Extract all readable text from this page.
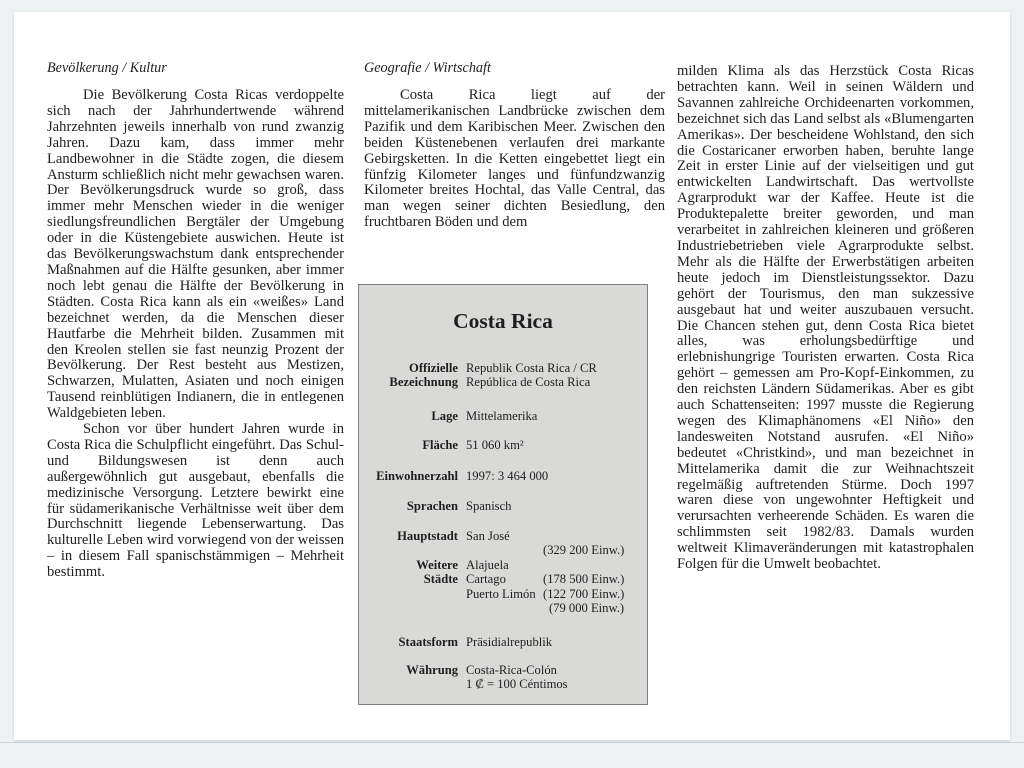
Bevölkerung / Kultur

Die Bevölkerung Costa Ricas verdoppelte sich nach der Jahrhundertwende während Jahrzehnten jeweils innerhalb von rund zwanzig Jahren. Dazu kam, dass immer mehr Landbewohner in die Städte zogen, die diesem Ansturm schließlich nicht mehr gewachsen waren. Der Bevölkerungsdruck wurde so groß, dass immer mehr Menschen wieder in die weniger siedlungsfreundlichen Bergtäler der Umgebung oder in die Küstengebiete auswichen. Heute ist das Bevölkerungswachstum dank entsprechender Maßnahmen auf die Hälfte gesunken, aber immer noch lebt genau die Hälfte der Bevölkerung in Städten. Costa Rica kann als ein «weißes» Land bezeichnet werden, da die Menschen dieser Hautfarbe die Mehrheit bilden. Zusammen mit den Kreolen stellen sie fast neunzig Prozent der Bevölkerung. Der Rest besteht aus Mestizen, Schwarzen, Mulatten, Asiaten und noch einigen Tausend reinblütigen Indianern, die in entlegenen Waldgebieten leben.

Schon vor über hundert Jahren wurde in Costa Rica die Schulpflicht eingeführt. Das Schul- und Bildungswesen ist denn auch außergewöhnlich gut ausgebaut, ebenfalls die medizinische Versorgung. Letztere bewirkt eine für südamerikanische Verhältnisse weit über dem Durchschnitt liegende Lebenserwartung. Das kulturelle Leben wird vorwiegend von der weissen – in diesem Fall spanischstämmigen – Mehrheit bestimmt.

Geografie / Wirtschaft

Costa Rica liegt auf der mittelamerikanischen Landbrücke zwischen dem Pazifik und dem Karibischen Meer. Zwischen den beiden Küstenebenen verlaufen drei markante Gebirgsketten. In die Ketten eingebettet liegt ein fünfzig Kilometer langes und fünfundzwanzig Kilometer breites Hochtal, das Valle Central, das man wegen seiner dichten Besiedlung, den fruchtbaren Böden und dem

milden Klima als das Herzstück Costa Ricas betrachten kann. Weil in seinen Wäldern und Savannen zahlreiche Orchideenarten vorkommen, bezeichnet sich das Land selbst als «Blumengarten Amerikas». Der bescheidene Wohlstand, den sich die Costaricaner erworben haben, beruhte lange Zeit in erster Linie auf der vielseitigen und gut entwickelten Landwirtschaft. Das wertvollste Agrarprodukt war der Kaffee. Heute ist die Produktepalette breiter geworden, und man verarbeitet in zahlreichen kleineren und größeren Industriebetrieben viele Agrarprodukte selbst. Mehr als die Hälfte der Erwerbstätigen arbeiten heute jedoch im Dienstleistungssektor. Dazu gehört der Tourismus, den man sukzessive ausgebaut hat und weiter auszubauen versucht. Die Chancen stehen gut, denn Costa Rica bietet alles, was erholungsbedürftige und erlebnishungrige Touristen erwarten. Costa Rica gehört – gemessen am Pro-Kopf-Einkommen, zu den reichsten Ländern Südamerikas. Aber es gibt auch Schattenseiten: 1997 musste die Regierung wegen des Klimaphänomens «El Niño» den landesweiten Notstand ausrufen. «El Niño» bedeutet «Christkind», und man bezeichnet in Mittelamerika damit die zur Weihnachtszeit regelmäßig auftretenden Stürme. Doch 1997 waren diese von ungewohnter Heftigkeit und verursachten verheerende Schäden. Es waren die schlimmsten seit 1982/83. Damals wurden weltweit Klimaveränderungen mit katastrophalen Folgen für die Umwelt beobachtet.

Costa Rica
Offizielle
Bezeichnung
Republik Costa Rica / CR
República de Costa Rica
Lage Mittelamerika
Fläche 51 060 km²
Einwohnerzahl 1997: 3 464 000
Sprachen Spanisch
Hauptstadt San José
(329 200 Einw.)
Weitere
Städte
Alajuela
(178 500 Einw.)
Cartago
(122 700 Einw.)
Puerto Limón
(79 000 Einw.)
Staatsform Präsidialrepublik
Währung Costa-Rica-Colón
1 ₡ = 100 Céntimos
